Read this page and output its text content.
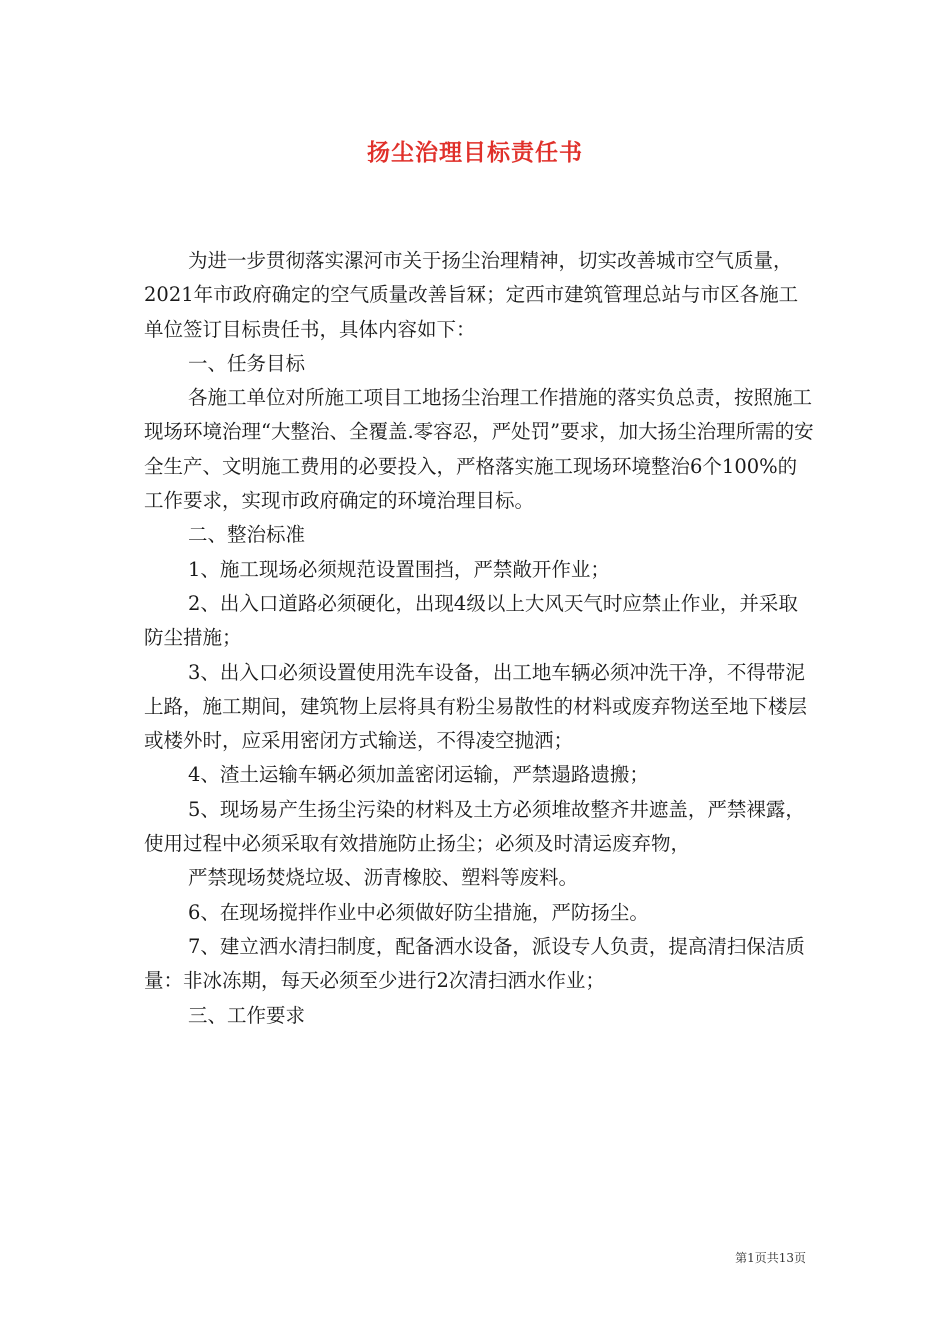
扬尘治理目标责任书

为进一步贯彻落实漯河市关于扬尘治理精神，切实改善城市空气质量，2021年市政府确定的空气质量改善旨冧；定西市建筑管理总站与市区各施工单位签订目标贵任书，具体内容如下：

一、任务目标

各施工单位对所施工项目工地扬尘治理工作措施的落实负总责，按照施工现场环境治理“大整治、全覆盖.零容忍，严处罚”要求，加大扬尘治理所需的安全生产、文明施工费用的必要投入，严格落实施工现场环境整治6个100%的工作要求，实现市政府确定的环境治理目标。

二、整治标准

1、施工现场必须规范设置围挡，严禁敞开作业；

2、出入口道路必须硬化，出现4级以上大风天气时应禁止作业，并采取防尘措施；

3、出入口必须设置使用洗车设备，出工地车辆必须冲洗干净，不得带泥上路，施工期间，建筑物上层将具有粉尘易散性的材料或废弃物送至地下楼层或楼外时，应采用密闭方式输送，不得凌空抛洒；

4、渣土运输车辆必须加盖密闭运输，严禁遢路遗搬；

5、现场易产生扬尘污染的材料及土方必须堆故整齐井遮盖，严禁裸露，使用过程中必须采取有效措施防止扬尘；必须及时清运废弃物，

严禁现场焚烧垃圾、沥青橡胶、塑料等废料。

6、在现场搅拌作业中必须做好防尘措施，严防扬尘。

7、建立洒水清扫制度，配备洒水设备，派设专人负责，提高清扫保洁质量：非冰冻期，每天必须至少进行2次清扫洒水作业；

三、工作要求

第1页共13页
